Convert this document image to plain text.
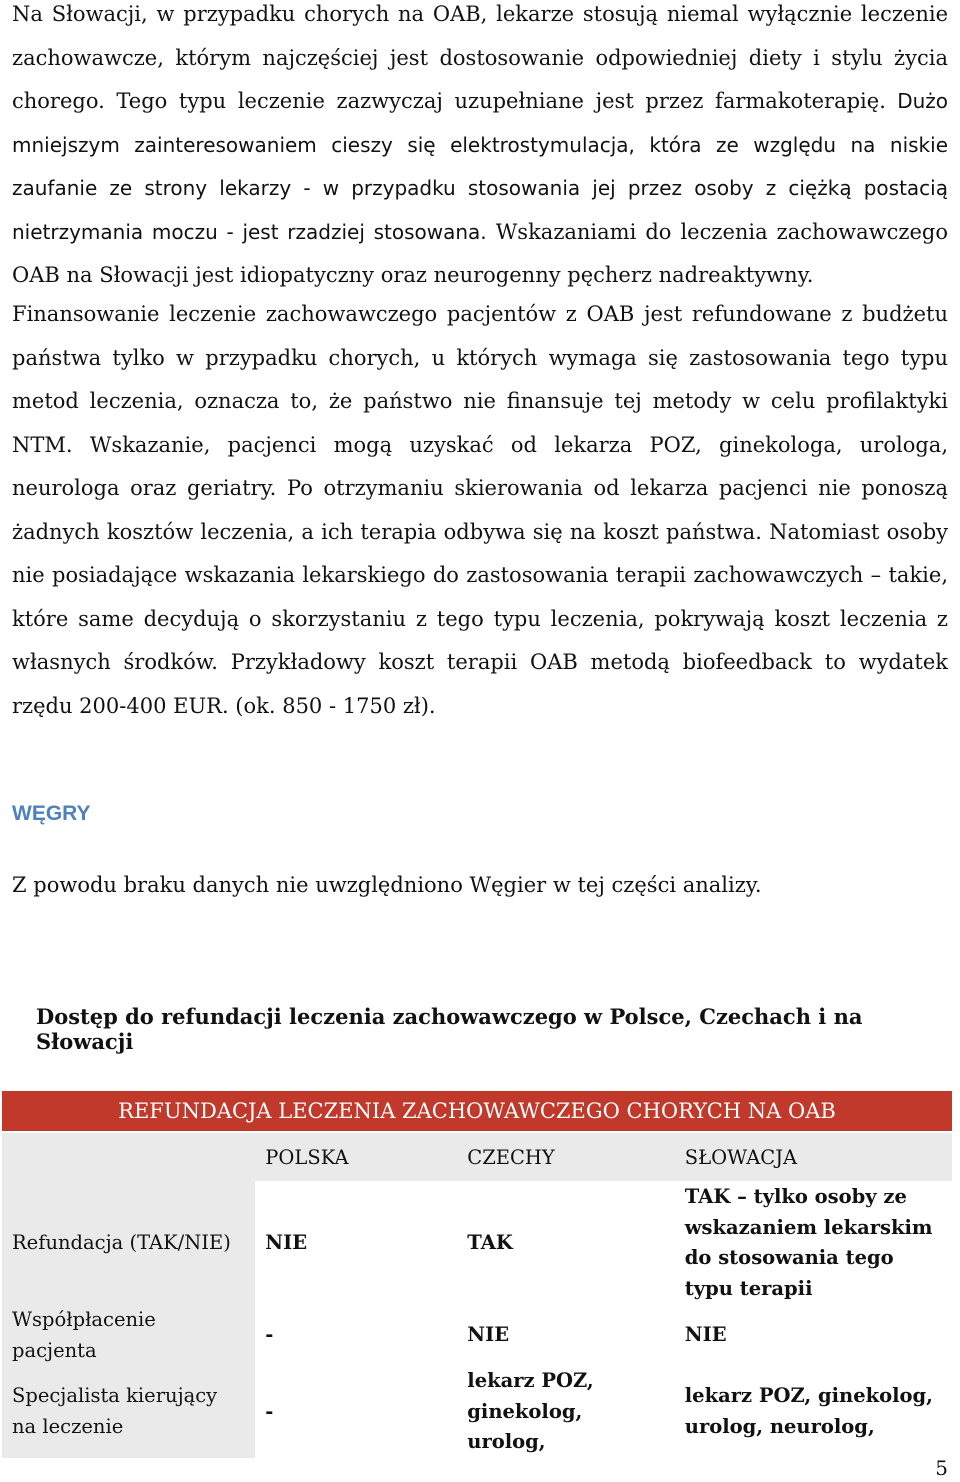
Na Słowacji, w przypadku chorych na OAB, lekarze stosują niemal wyłącznie leczenie zachowawcze, którym najczęściej jest dostosowanie odpowiedniej diety i stylu życia chorego. Tego typu leczenie zazwyczaj uzupełniane jest przez farmakoterapię. Dużo mniejszym zainteresowaniem cieszy się elektrostymulacja, która ze względu na niskie zaufanie ze strony lekarzy - w przypadku stosowania jej przez osoby z ciężką postacią nietrzymania moczu - jest rzadziej stosowana. Wskazaniami do leczenia zachowawczego OAB na Słowacji jest idiopatyczny oraz neurogenny pęcherz nadreaktywny.

Finansowanie leczenie zachowawczego pacjentów z OAB jest refundowane z budżetu państwa tylko w przypadku chorych, u których wymaga się zastosowania tego typu metod leczenia, oznacza to, że państwo nie finansuje tej metody w celu profilaktyki NTM. Wskazanie, pacjenci mogą uzyskać od lekarza POZ, ginekologa, urologa, neurologa oraz geriatry. Po otrzymaniu skierowania od lekarza pacjenci nie ponoszą żadnych kosztów leczenia, a ich terapia odbywa się na koszt państwa. Natomiast osoby nie posiadające wskazania lekarskiego do zastosowania terapii zachowawczych – takie, które same decydują o skorzystaniu z tego typu leczenia, pokrywają koszt leczenia z własnych środków. Przykładowy koszt terapii OAB metodą biofeedback to wydatek rzędu 200-400 EUR. (ok. 850 - 1750 zł).

WĘGRY

Z powodu braku danych nie uwzględniono Węgier w tej części analizy.

Dostęp do refundacji leczenia zachowawczego w Polsce, Czechach i na Słowacji
REFUNDACJA LECZENIA ZACHOWAWCZEGO CHORYCH NA OAB			
	POLSKA	CZECHY	SŁOWACJA
Refundacja (TAK/NIE)	NIE	TAK	TAK – tylko osoby ze wskazaniem lekarskim do stosowania tego typu terapii
Współpłacenie pacjenta	-	NIE	NIE
Specjalista kierujący na leczenie	-	lekarz POZ, ginekolog, urolog,	lekarz POZ, ginekolog, urolog, neurolog,
5
